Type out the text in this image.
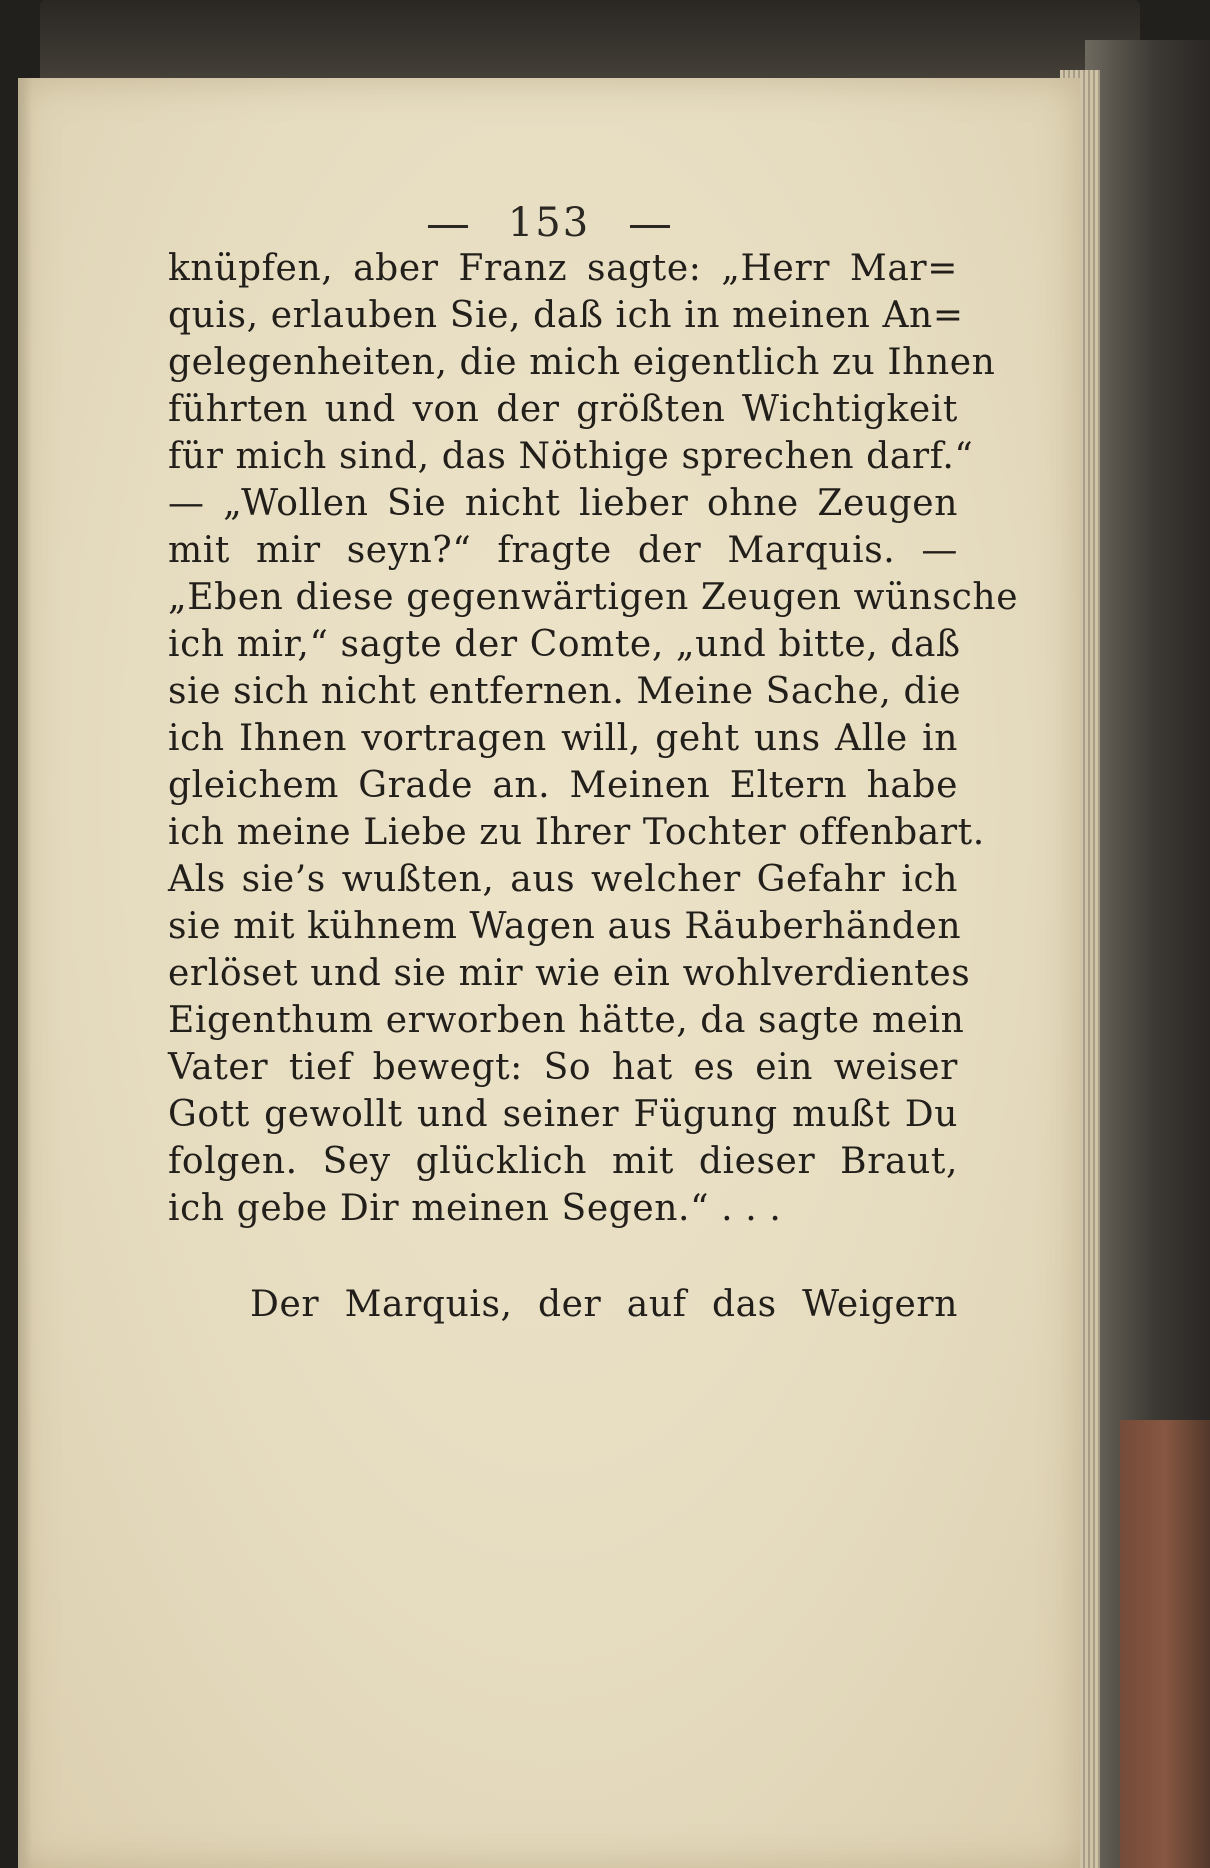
153
knüpfen, aber Franz sagte: „Herr Mar=
quis, erlauben Sie, daß ich in meinen An=
gelegenheiten, die mich eigentlich zu Ihnen
führten und von der größten Wichtigkeit
für mich sind, das Nöthige sprechen darf.“
— „Wollen Sie nicht lieber ohne Zeugen
mit mir seyn?“ fragte der Marquis. —
„Eben diese gegenwärtigen Zeugen wünsche
ich mir,“ sagte der Comte, „und bitte, daß
sie sich nicht entfernen. Meine Sache, die
ich Ihnen vortragen will, geht uns Alle in
gleichem Grade an. Meinen Eltern habe
ich meine Liebe zu Ihrer Tochter offenbart.
Als sie’s wußten, aus welcher Gefahr ich
sie mit kühnem Wagen aus Räuberhänden
erlöset und sie mir wie ein wohlverdientes
Eigenthum erworben hätte, da sagte mein
Vater tief bewegt: So hat es ein weiser
Gott gewollt und seiner Fügung mußt Du
folgen. Sey glücklich mit dieser Braut,
ich gebe Dir meinen Segen.“ . . .
Der Marquis, der auf das Weigern
